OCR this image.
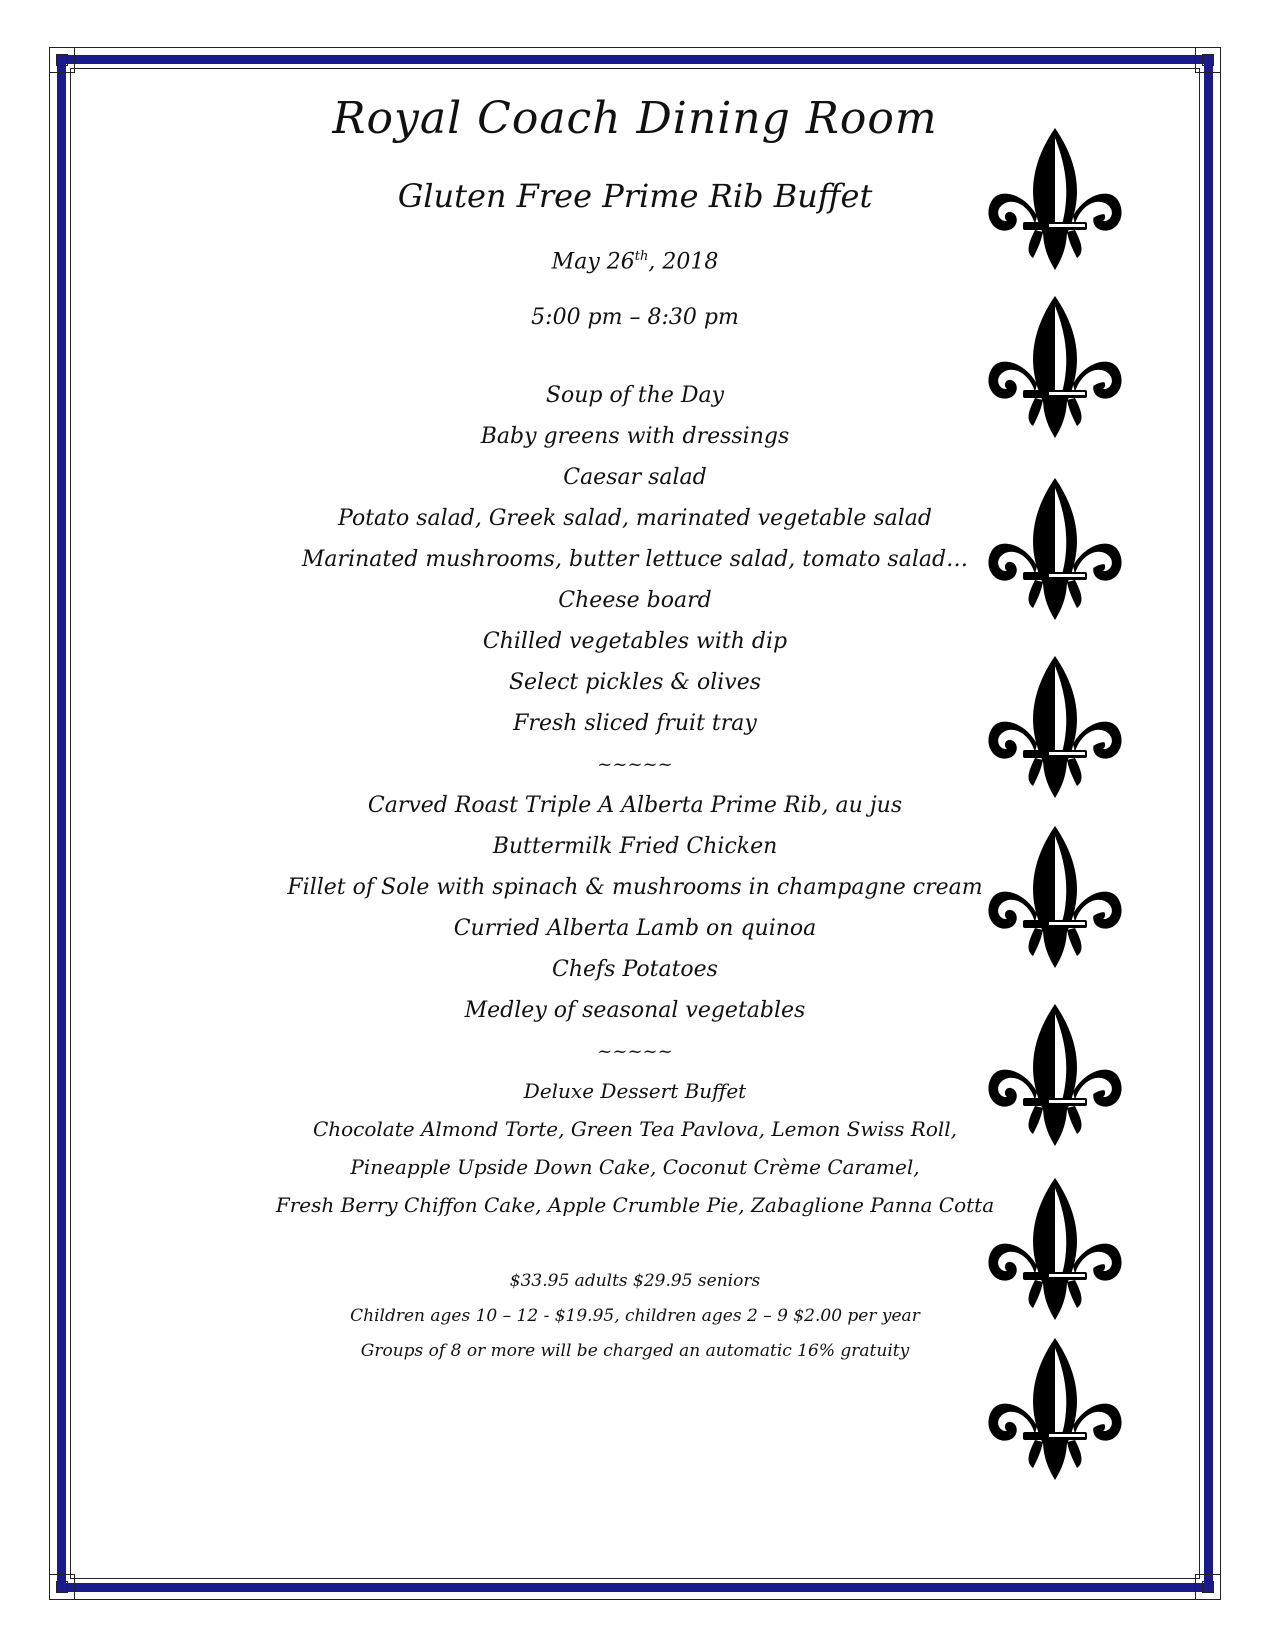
Royal Coach Dining Room
Gluten Free Prime Rib Buffet
May 26th, 2018
5:00 pm – 8:30 pm
Soup of the Day
Baby greens with dressings
Caesar salad
Potato salad, Greek salad, marinated vegetable salad
Marinated mushrooms, butter lettuce salad, tomato salad…
Cheese board
Chilled vegetables with dip
Select pickles & olives
Fresh sliced fruit tray
~~~~~
Carved Roast Triple A Alberta Prime Rib, au jus
Buttermilk Fried Chicken
Fillet of Sole with spinach & mushrooms in champagne cream
Curried Alberta Lamb on quinoa
Chefs Potatoes
Medley of seasonal vegetables
~~~~~
Deluxe Dessert Buffet
Chocolate Almond Torte, Green Tea Pavlova, Lemon Swiss Roll,
Pineapple Upside Down Cake, Coconut Crème Caramel,
Fresh Berry Chiffon Cake, Apple Crumble Pie, Zabaglione Panna Cotta
$33.95 adults $29.95 seniors
Children ages 10 – 12 - $19.95, children ages 2 – 9 $2.00 per year
Groups of 8 or more will be charged an automatic 16% gratuity
